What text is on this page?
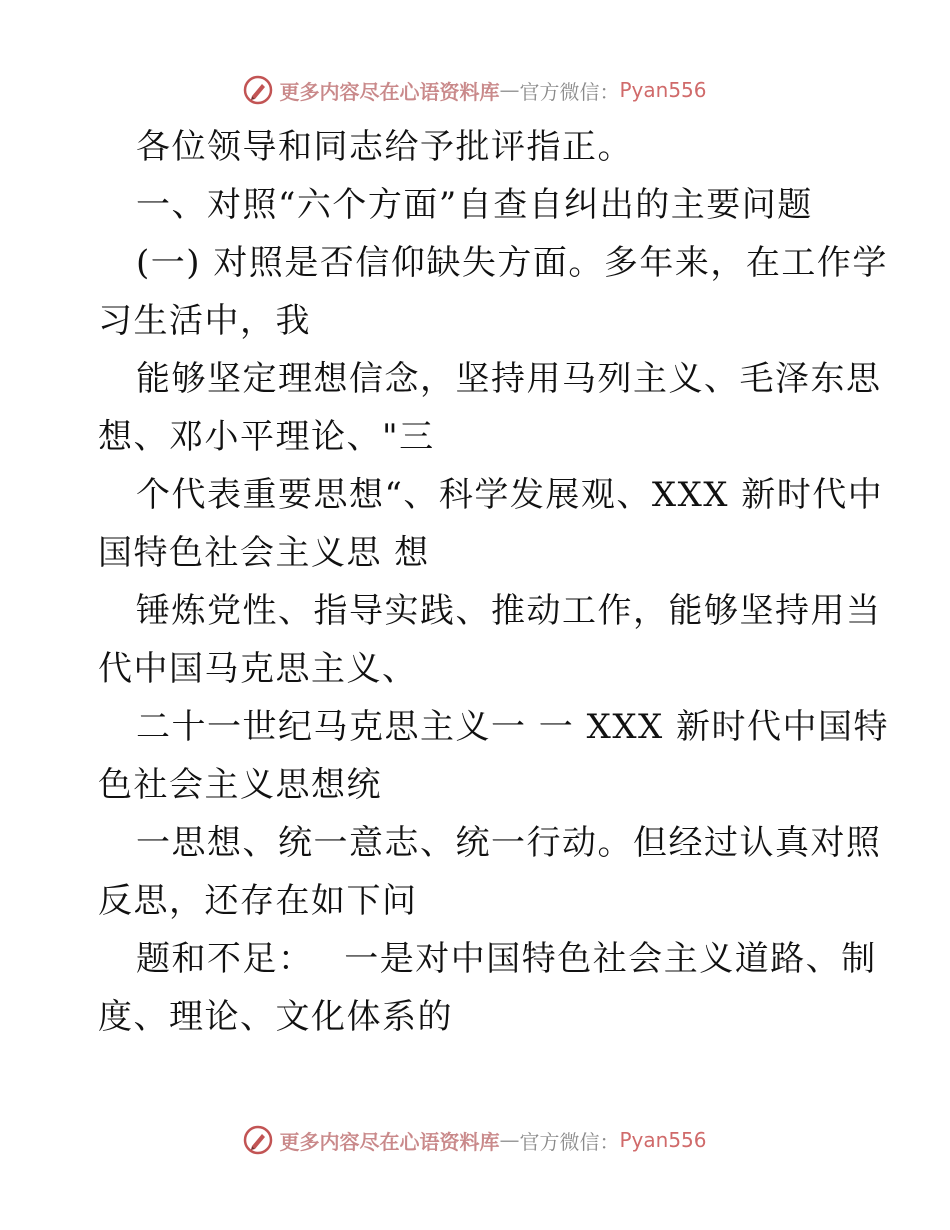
更多内容尽在心语资料库 — 官方微信： Pyan556
各位领导和同志给予批评指正。
一、对照“六个方面”自查自纠出的主要问题
(一) 对照是否信仰缺失方面。多年来，在工作学
习生活中，我
能够坚定理想信念，坚持用马列主义、毛泽东思
想、邓小平理论、"三
个代表重要思想“、科学发展观、XXX 新时代中
国特色社会主义思 想
锤炼党性、指导实践、推动工作，能够坚持用当
代中国马克思主义、
二十一世纪马克思主义一 一 XXX 新时代中国特
色社会主义思想统
一思想、统一意志、统一行动。但经过认真对照
反思，还存在如下问
题和不足：　 一是对中国特色社会主义道路、制
度、理论、文化体系的
更多内容尽在心语资料库 — 官方微信： Pyan556
